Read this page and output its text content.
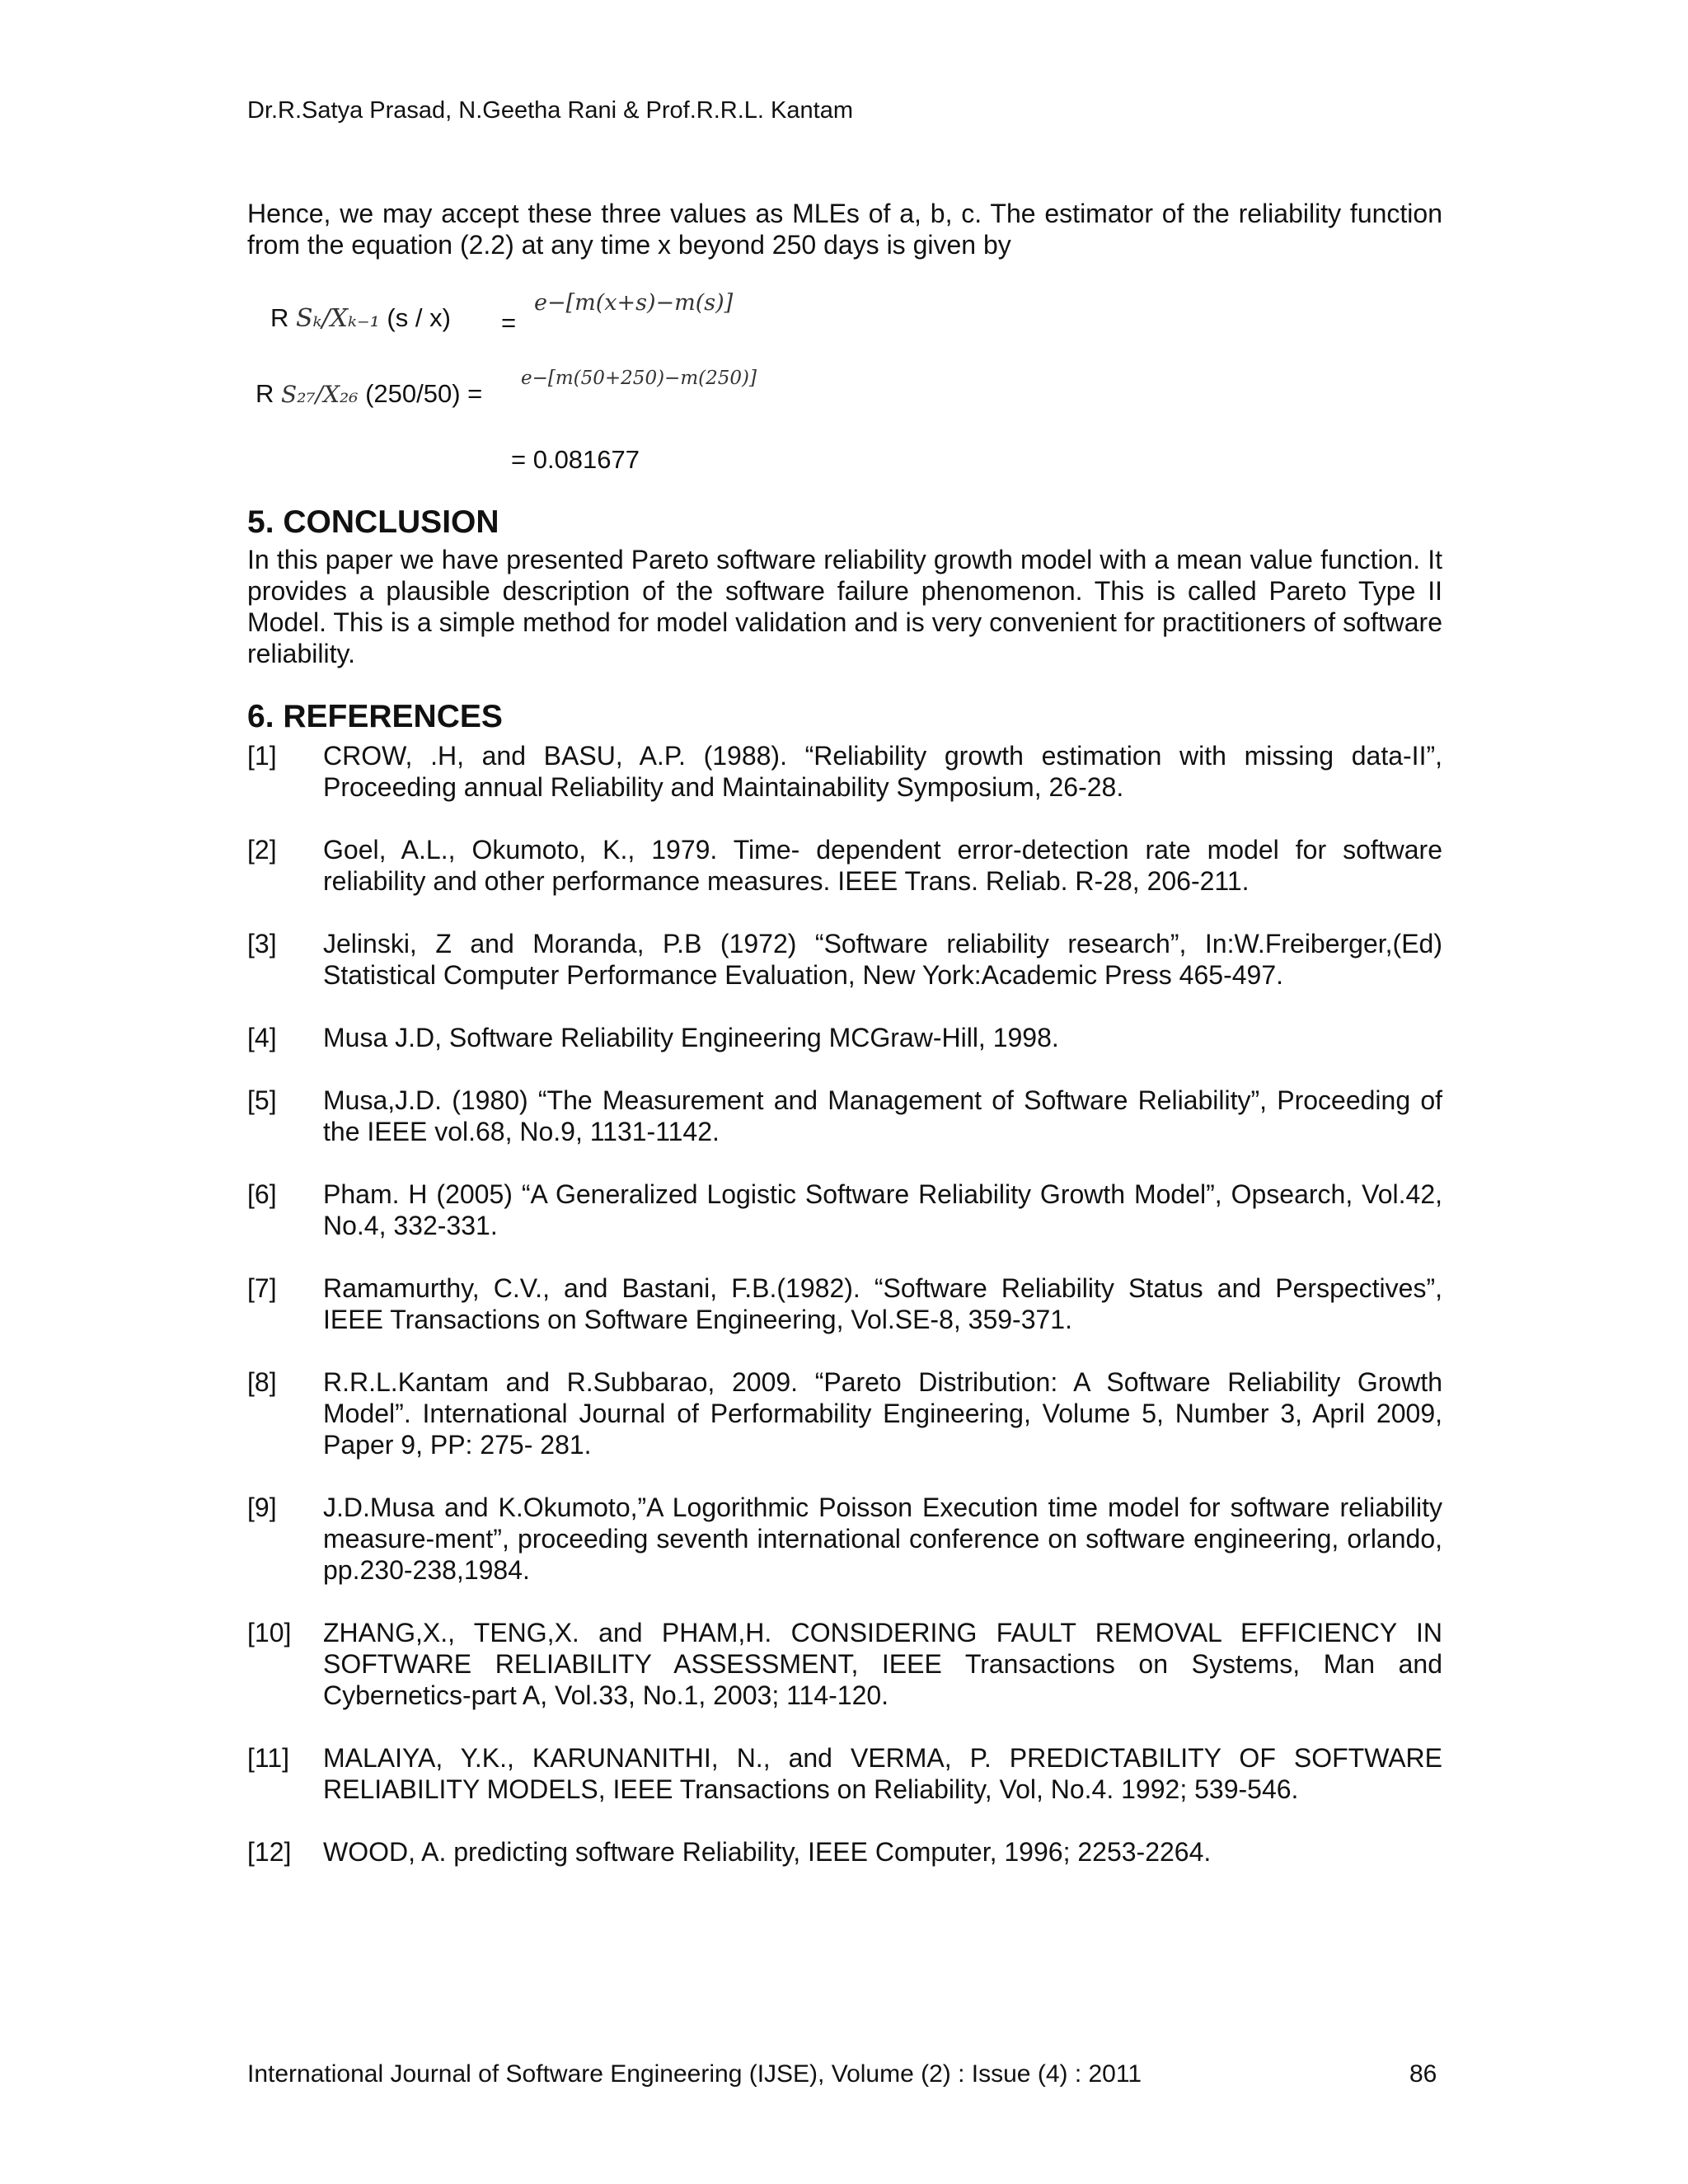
Dr.R.Satya Prasad, N.Geetha Rani & Prof.R.R.L. Kantam
Hence, we may accept these three values as MLEs of a, b, c. The estimator of the reliability function from the equation (2.2) at any time x beyond 250 days is given by
R Sₖ/Xₖ₋₁ (s / x) =
e−[m(x+s)−m(s)]
R S₂₇/X₂₆ (250/50) =
e−[m(50+250)−m(250)]
= 0.081677
5. CONCLUSION
In this paper we have presented Pareto software reliability growth model with a mean value function. It provides a plausible description of the software failure phenomenon. This is called Pareto Type II Model. This is a simple method for model validation and is very convenient for practitioners of software reliability.
6. REFERENCES
[1] CROW, .H, and BASU, A.P. (1988). “Reliability growth estimation with missing data-II”, Proceeding annual Reliability and Maintainability Symposium, 26-28.
[2] Goel, A.L., Okumoto, K., 1979. Time- dependent error-detection rate model for software reliability and other performance measures. IEEE Trans. Reliab. R-28, 206-211.
[3] Jelinski, Z and Moranda, P.B (1972) “Software reliability research”, In:W.Freiberger,(Ed) Statistical Computer Performance Evaluation, New York:Academic Press 465-497.
[4] Musa J.D, Software Reliability Engineering MCGraw-Hill, 1998.
[5] Musa,J.D. (1980) “The Measurement and Management of Software Reliability”, Proceeding of the IEEE vol.68, No.9, 1131-1142.
[6] Pham. H (2005) “A Generalized Logistic Software Reliability Growth Model”, Opsearch, Vol.42, No.4, 332-331.
[7] Ramamurthy, C.V., and Bastani, F.B.(1982). “Software Reliability Status and Perspectives”, IEEE Transactions on Software Engineering, Vol.SE-8, 359-371.
[8] R.R.L.Kantam and R.Subbarao, 2009. “Pareto Distribution: A Software Reliability Growth Model”. International Journal of Performability Engineering, Volume 5, Number 3, April 2009, Paper 9, PP: 275- 281.
[9] J.D.Musa and K.Okumoto,”A Logorithmic Poisson Execution time model for software reliability measure-ment”, proceeding seventh international conference on software engineering, orlando, pp.230-238,1984.
[10] ZHANG,X., TENG,X. and PHAM,H. CONSIDERING FAULT REMOVAL EFFICIENCY IN SOFTWARE RELIABILITY ASSESSMENT, IEEE Transactions on Systems, Man and Cybernetics-part A, Vol.33, No.1, 2003; 114-120.
[11] MALAIYA, Y.K., KARUNANITHI, N., and VERMA, P. PREDICTABILITY OF SOFTWARE RELIABILITY MODELS, IEEE Transactions on Reliability, Vol, No.4. 1992; 539-546.
[12] WOOD, A. predicting software Reliability, IEEE Computer, 1996; 2253-2264.
International Journal of Software Engineering (IJSE), Volume (2) : Issue (4) : 2011	86
